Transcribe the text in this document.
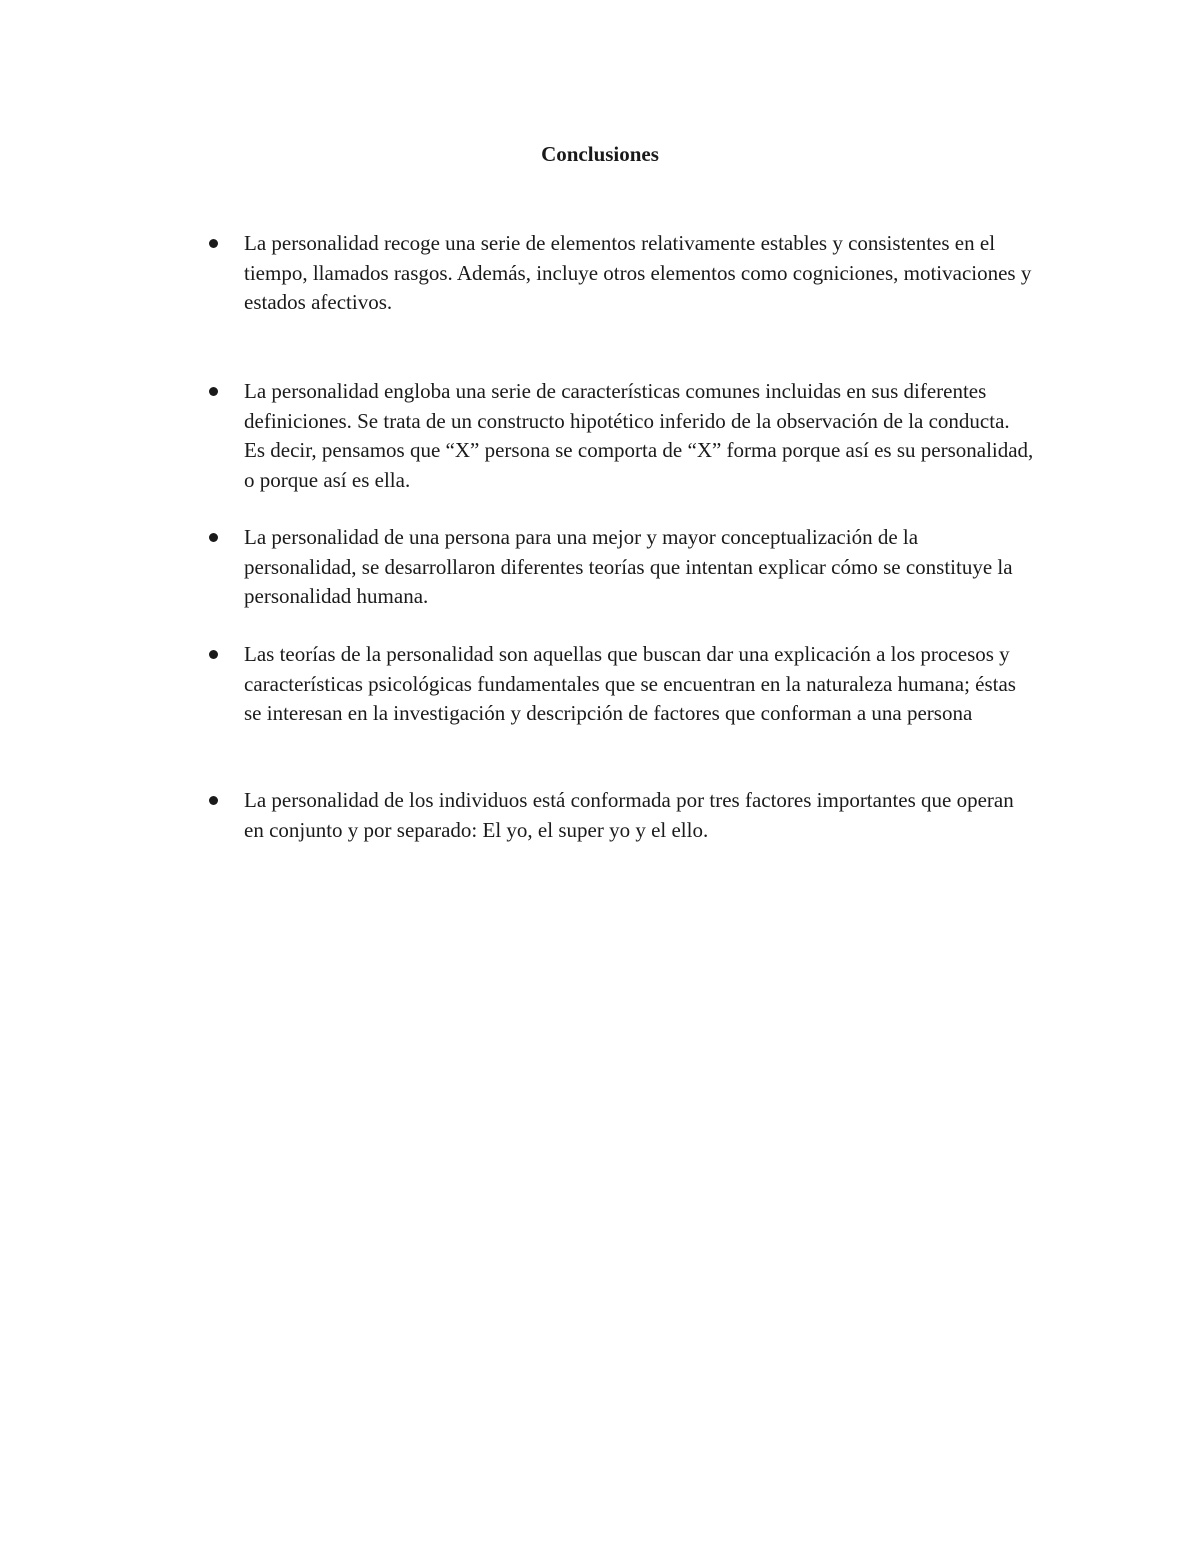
Conclusiones
La personalidad recoge una serie de elementos relativamente estables y consistentes en el tiempo, llamados rasgos. Además, incluye otros elementos como cogniciones, motivaciones y estados afectivos.
La personalidad engloba una serie de características comunes incluidas en sus diferentes definiciones. Se trata de un constructo hipotético inferido de la observación de la conducta. Es decir, pensamos que “X” persona se comporta de “X” forma porque así es su personalidad, o porque así es ella.
La personalidad de una persona para una mejor y mayor conceptualización de la personalidad, se desarrollaron diferentes teorías que intentan explicar cómo se constituye la personalidad humana.
Las teorías de la personalidad son aquellas que buscan dar una explicación a los procesos y características psicológicas fundamentales que se encuentran en la naturaleza humana; éstas se interesan en la investigación y descripción de factores que conforman a una persona
La personalidad de los individuos está conformada por tres factores importantes que operan en conjunto y por separado: El yo, el super yo y el ello.
